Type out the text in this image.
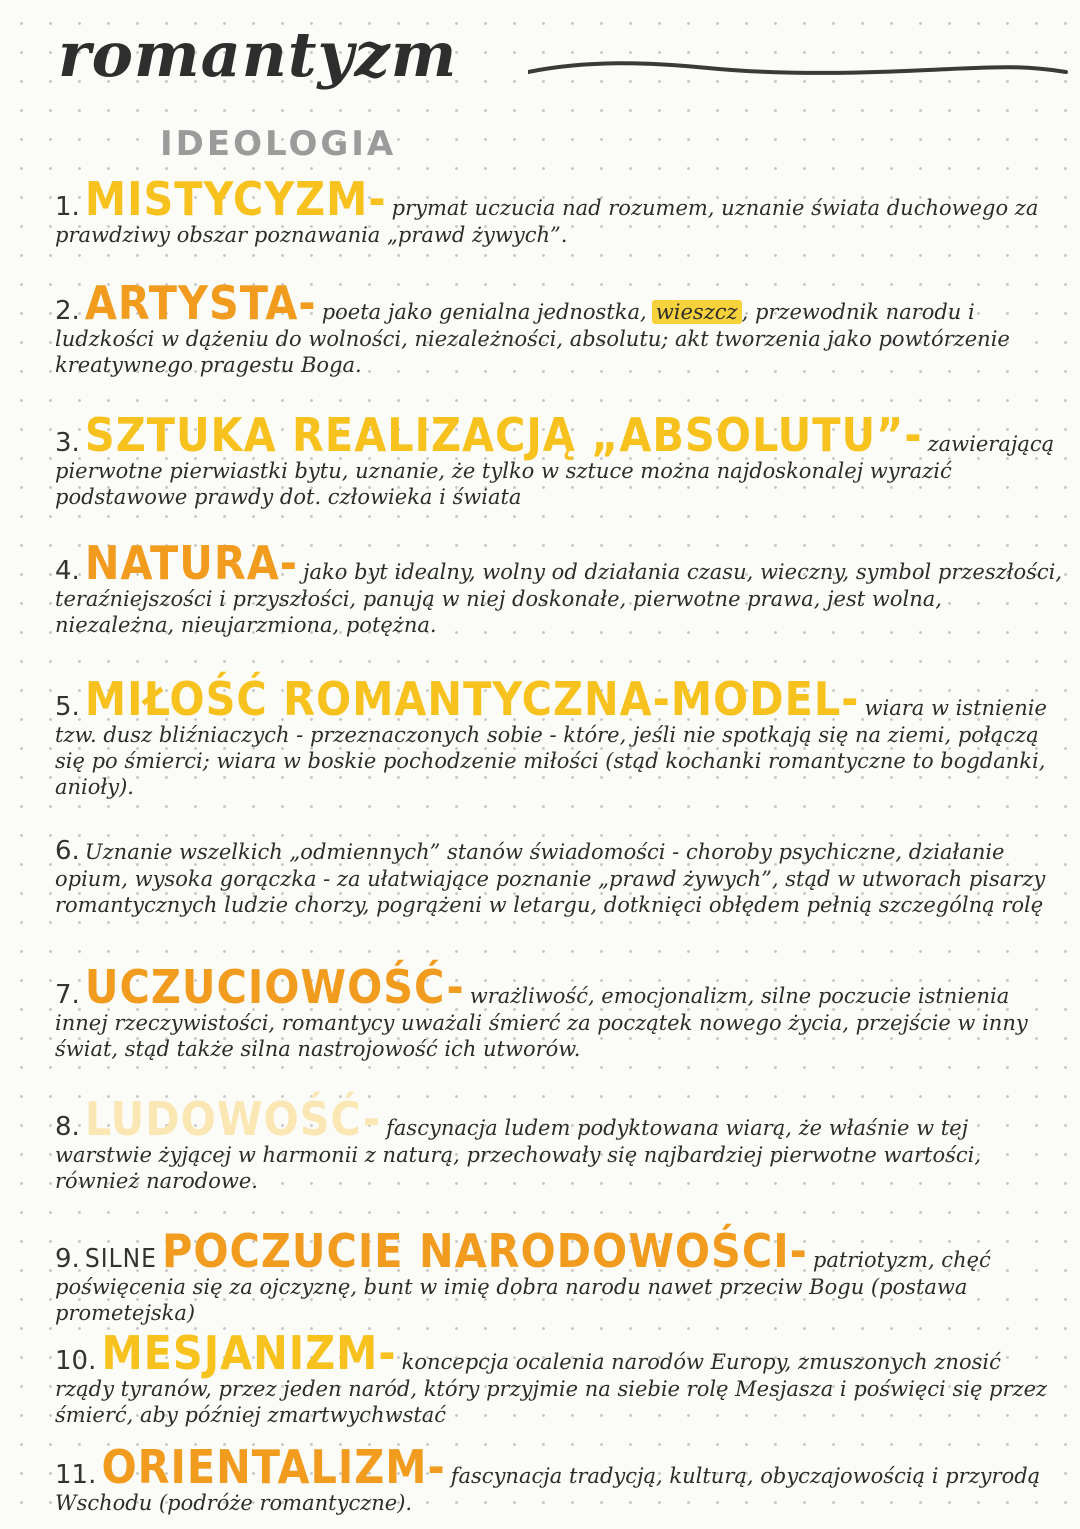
romantyzm
IDEOLOGIA
1. MISTYCYZM- prymat uczucia nad rozumem, uznanie świata duchowego za prawdziwy obszar poznawania „prawd żywych”.
2. ARTYSTA- poeta jako genialna jednostka, wieszcz , przewodnik narodu i ludzkości w dążeniu do wolności, niezależności, absolutu; akt tworzenia jako powtórzenie kreatywnego pragestu Boga.
3. SZTUKA REALIZACJĄ „ABSOLUTU”- zawierającą pierwotne pierwiastki bytu, uznanie, że tylko w sztuce można najdoskonalej wyrazić podstawowe prawdy dot. człowieka i świata
4. NATURA- jako byt idealny, wolny od działania czasu, wieczny, symbol przeszłości, teraźniejszości i przyszłości, panują w niej doskonałe, pierwotne prawa, jest wolna, niezależna, nieujarzmiona, potężna.
5. MIŁOŚĆ ROMANTYCZNA-MODEL- wiara w istnienie tzw. dusz bliźniaczych - przeznaczonych sobie - które, jeśli nie spotkają się na ziemi, połączą się po śmierci; wiara w boskie pochodzenie miłości (stąd kochanki romantyczne to bogdanki, anioły).
6. Uznanie wszelkich „odmiennych” stanów świadomości - choroby psychiczne, działanie opium, wysoka gorączka - za ułatwiające poznanie „prawd żywych”, stąd w utworach pisarzy romantycznych ludzie chorzy, pogrążeni w letargu, dotknięci obłędem pełnią szczególną rolę
7. UCZUCIOWOŚĆ- wrażliwość, emocjonalizm, silne poczucie istnienia innej rzeczywistości, romantycy uważali śmierć za początek nowego życia, przejście w inny świat, stąd także silna nastrojowość ich utworów.
8. LUDOWOŚĆ- fascynacja ludem podyktowana wiarą, że właśnie w tej warstwie żyjącej w harmonii z naturą, przechowały się najbardziej pierwotne wartości, również narodowe.
9. SILNE POCZUCIE NARODOWOŚCI- patriotyzm, chęć poświęcenia się za ojczyznę, bunt w imię dobra narodu nawet przeciw Bogu (postawa prometejska)
10. MESJANIZM- koncepcja ocalenia narodów Europy, zmuszonych znosić rządy tyranów, przez jeden naród, który przyjmie na siebie rolę Mesjasza i poświęci się przez śmierć, aby później zmartwychwstać
11. ORIENTALIZM- fascynacja tradycją, kulturą, obyczajowością i przyrodą Wschodu (podróże romantyczne).
